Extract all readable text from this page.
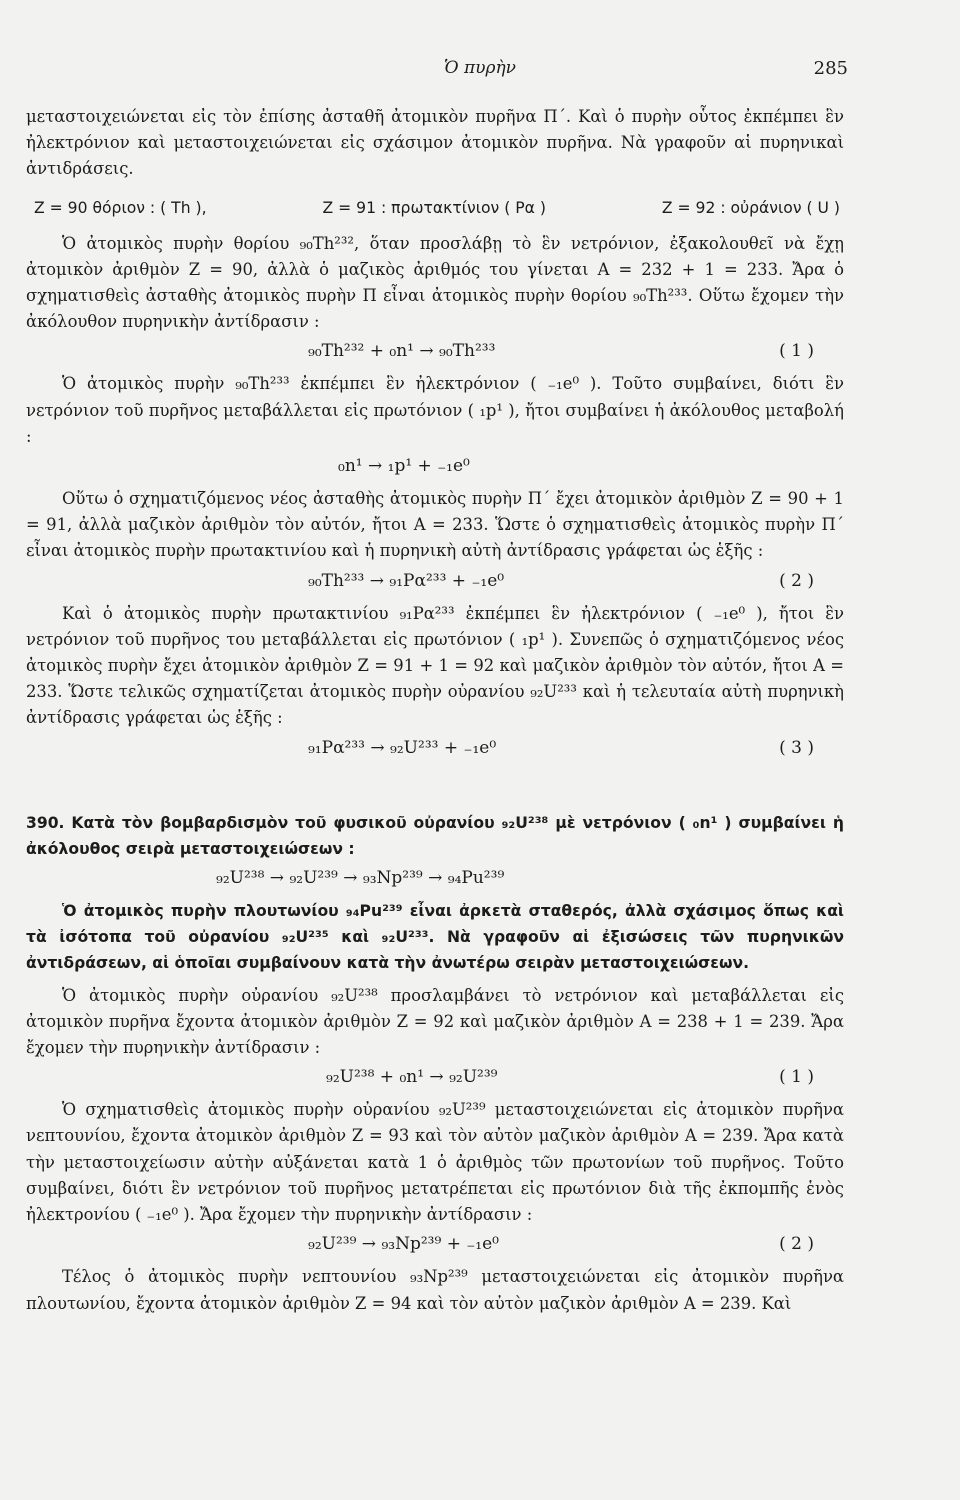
Ὁ πυρὴν	285

μεταστοιχειώνεται εἰς τὸν ἐπίσης ἀσταθῆ ἀτομικὸν πυρῆνα Π΄. Καὶ ὁ πυρὴν οὗτος ἐκπέμπει ἓν ἠλεκτρόνιον καὶ μεταστοιχειώνεται εἰς σχάσιμον ἀτομικὸν πυρῆνα. Νὰ γραφοῦν αἱ πυρηνικαὶ ἀντιδράσεις.

Ζ = 90 θόριον : ( Th ),	Ζ = 91 : πρωτακτίνιον ( Pα )	Ζ = 92 : οὐράνιον ( U )

Ὁ ἀτομικὸς πυρὴν θορίου ₉₀Th²³², ὅταν προσλάβῃ τὸ ἓν νετρόνιον, ἐξακολουθεῖ νὰ ἔχῃ ἀτομικὸν ἀριθμὸν Ζ = 90, ἀλλὰ ὁ μαζικὸς ἀριθμός του γίνεται Α = 232 + 1 = 233. Ἄρα ὁ σχηματισθεὶς ἀσταθὴς ἀτομικὸς πυρὴν Π εἶναι ἀτομικὸς πυρὴν θορίου ₉₀Th²³³. Οὕτω ἔχομεν τὴν ἀκόλουθον πυρηνικὴν ἀντίδρασιν :

₉₀Th²³² + ₀n¹ → ₉₀Th²³³	( 1 )

Ὁ ἀτομικὸς πυρὴν ₉₀Th²³³ ἐκπέμπει ἓν ἠλεκτρόνιον ( ₋₁e⁰ ). Τοῦτο συμβαίνει, διότι ἓν νετρόνιον τοῦ πυρῆνος μεταβάλλεται εἰς πρωτόνιον ( ₁p¹ ), ἤτοι συμβαίνει ἡ ἀκόλουθος μεταβολή :

₀n¹ → ₁p¹ + ₋₁e⁰

Οὕτω ὁ σχηματιζόμενος νέος ἀσταθὴς ἀτομικὸς πυρὴν Π΄ ἔχει ἀτομικὸν ἀριθμὸν Ζ = 90 + 1 = 91, ἀλλὰ μαζικὸν ἀριθμὸν τὸν αὐτόν, ἤτοι Α = 233. Ὥστε ὁ σχηματισθεὶς ἀτομικὸς πυρὴν Π΄ εἶναι ἀτομικὸς πυρὴν πρωτακτινίου καὶ ἡ πυρηνικὴ αὐτὴ ἀντίδρασις γράφεται ὡς ἑξῆς :

₉₀Th²³³ → ₉₁Pα²³³ + ₋₁e⁰	( 2 )

Καὶ ὁ ἀτομικὸς πυρὴν πρωτακτινίου ₉₁Pα²³³ ἐκπέμπει ἓν ἠλεκτρόνιον ( ₋₁e⁰ ), ἤτοι ἓν νετρόνιον τοῦ πυρῆνος του μεταβάλλεται εἰς πρωτόνιον ( ₁p¹ ). Συνεπῶς ὁ σχηματιζόμενος νέος ἀτομικὸς πυρὴν ἔχει ἀτομικὸν ἀριθμὸν Ζ = 91 + 1 = 92 καὶ μαζικὸν ἀριθμὸν τὸν αὐτόν, ἤτοι Α = 233. Ὥστε τελικῶς σχηματίζεται ἀτομικὸς πυρὴν οὐρανίου ₉₂U²³³ καὶ ἡ τελευταία αὐτὴ πυρηνικὴ ἀντίδρασις γράφεται ὡς ἑξῆς :

₉₁Pα²³³ → ₉₂U²³³ + ₋₁e⁰	( 3 )

390. Κατὰ τὸν βομβαρδισμὸν τοῦ φυσικοῦ οὐρανίου ₉₂U²³⁸ μὲ νετρόνιον ( ₀n¹ ) συμβαίνει ἡ ἀκόλουθος σειρὰ μεταστοιχειώσεων :

₉₂U²³⁸ → ₉₂U²³⁹ → ₉₃Np²³⁹ → ₉₄Pu²³⁹

Ὁ ἀτομικὸς πυρὴν πλουτωνίου ₉₄Pu²³⁹ εἶναι ἀρκετὰ σταθερός, ἀλλὰ σχάσιμος ὅπως καὶ τὰ ἰσότοπα τοῦ οὐρανίου ₉₂U²³⁵ καὶ ₉₂U²³³. Νὰ γραφοῦν αἱ ἐξισώσεις τῶν πυρηνικῶν ἀντιδράσεων, αἱ ὁποῖαι συμβαίνουν κατὰ τὴν ἀνωτέρω σειρὰν μεταστοιχειώσεων.

Ὁ ἀτομικὸς πυρὴν οὐρανίου ₉₂U²³⁸ προσλαμβάνει τὸ νετρόνιον καὶ μεταβάλλεται εἰς ἀτομικὸν πυρῆνα ἔχοντα ἀτομικὸν ἀριθμὸν Ζ = 92 καὶ μαζικὸν ἀριθμὸν Α = 238 + 1 = 239. Ἄρα ἔχομεν τὴν πυρηνικὴν ἀντίδρασιν :

₉₂U²³⁸ + ₀n¹ → ₉₂U²³⁹	( 1 )

Ὁ σχηματισθεὶς ἀτομικὸς πυρὴν οὐρανίου ₉₂U²³⁹ μεταστοιχειώνεται εἰς ἀτομικὸν πυρῆνα νεπτουνίου, ἔχοντα ἀτομικὸν ἀριθμὸν Ζ = 93 καὶ τὸν αὐτὸν μαζικὸν ἀριθμὸν Α = 239. Ἄρα κατὰ τὴν μεταστοιχείωσιν αὐτὴν αὐξάνεται κατὰ 1 ὁ ἀριθμὸς τῶν πρωτονίων τοῦ πυρῆνος. Τοῦτο συμβαίνει, διότι ἓν νετρόνιον τοῦ πυρῆνος μετατρέπεται εἰς πρωτόνιον διὰ τῆς ἐκπομπῆς ἑνὸς ἠλεκτρονίου ( ₋₁e⁰ ). Ἄρα ἔχομεν τὴν πυρηνικὴν ἀντίδρασιν :

₉₂U²³⁹ → ₉₃Np²³⁹ + ₋₁e⁰	( 2 )

Τέλος ὁ ἀτομικὸς πυρὴν νεπτουνίου ₉₃Np²³⁹ μεταστοιχειώνεται εἰς ἀτομικὸν πυρῆνα πλουτωνίου, ἔχοντα ἀτομικὸν ἀριθμὸν Ζ = 94 καὶ τὸν αὐτὸν μαζικὸν ἀριθμὸν Α = 239. Καὶ
